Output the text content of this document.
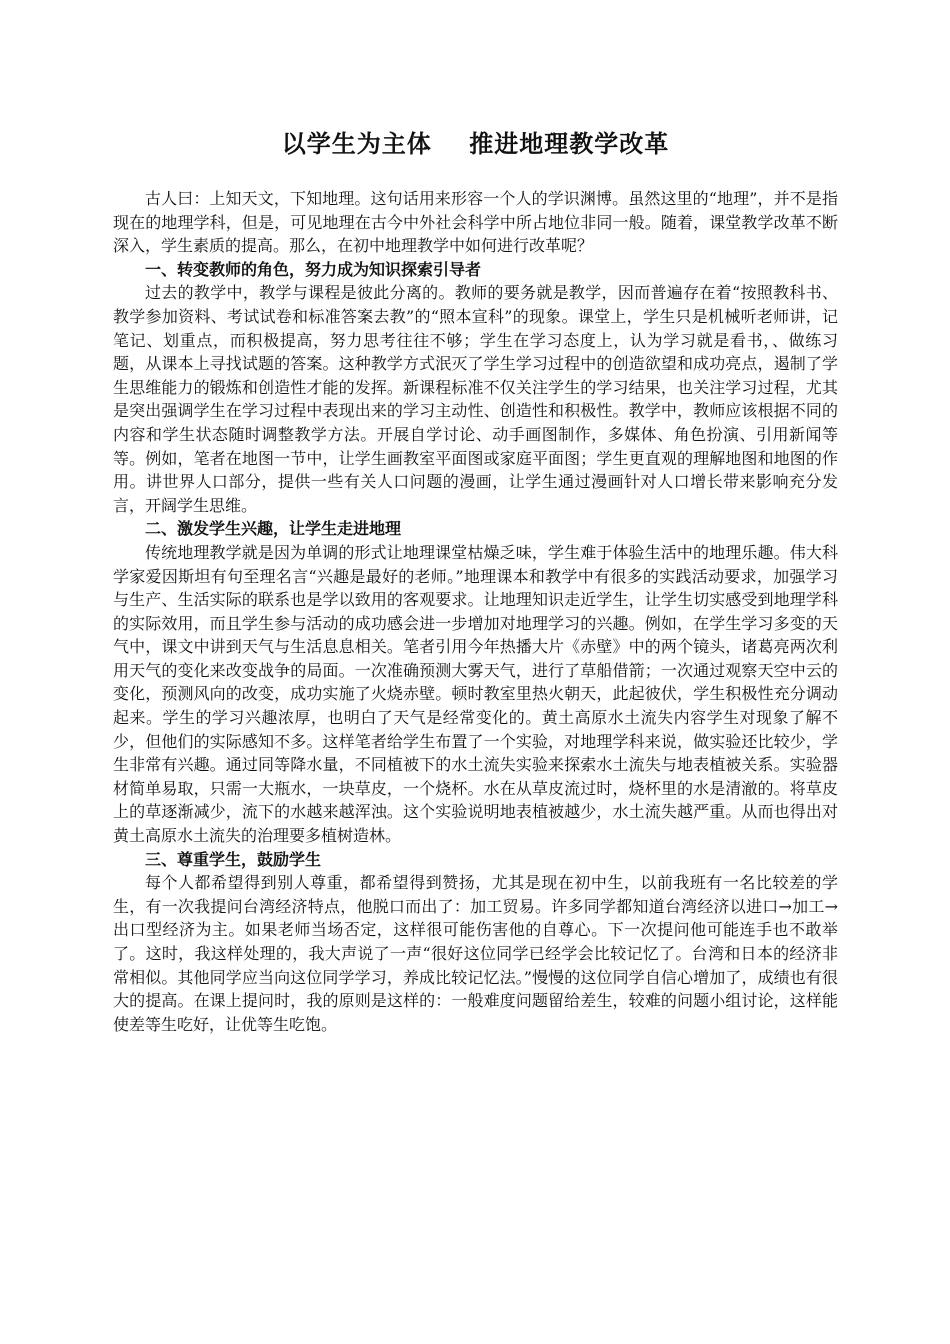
以学生为主体    推进地理教学改革

古人曰：上知天文，下知地理。这句话用来形容一个人的学识渊博。虽然这里的“地理”，并不是指现在的地理学科，但是，可见地理在古今中外社会科学中所占地位非同一般。随着，课堂教学改革不断深入，学生素质的提高。那么，在初中地理教学中如何进行改革呢？

一、转变教师的角色，努力成为知识探索引导者

过去的教学中，教学与课程是彼此分离的。教师的要务就是教学，因而普遍存在着“按照教科书、教学参加资料、考试试卷和标准答案去教”的“照本宣科”的现象。课堂上，学生只是机械听老师讲，记笔记、划重点，而积极提高，努力思考往往不够；学生在学习态度上，认为学习就是看书，、做练习题，从课本上寻找试题的答案。这种教学方式泯灭了学生学习过程中的创造欲望和成功亮点，遏制了学生思维能力的锻炼和创造性才能的发挥。新课程标准不仅关注学生的学习结果，也关注学习过程，尤其是突出强调学生在学习过程中表现出来的学习主动性、创造性和积极性。教学中，教师应该根据不同的内容和学生状态随时调整教学方法。开展自学讨论、动手画图制作，多媒体、角色扮演、引用新闻等等。例如，笔者在地图一节中，让学生画教室平面图或家庭平面图；学生更直观的理解地图和地图的作用。讲世界人口部分，提供一些有关人口问题的漫画，让学生通过漫画针对人口增长带来影响充分发言，开阔学生思维。

二、激发学生兴趣，让学生走进地理

传统地理教学就是因为单调的形式让地理课堂枯燥乏味，学生难于体验生活中的地理乐趣。伟大科学家爱因斯坦有句至理名言“兴趣是最好的老师。”地理课本和教学中有很多的实践活动要求，加强学习与生产、生活实际的联系也是学以致用的客观要求。让地理知识走近学生，让学生切实感受到地理学科的实际效用，而且学生参与活动的成功感会进一步增加对地理学习的兴趣。例如，在学生学习多变的天气中，课文中讲到天气与生活息息相关。笔者引用今年热播大片《赤壁》中的两个镜头，诸葛亮两次利用天气的变化来改变战争的局面。一次准确预测大雾天气，进行了草船借箭；一次通过观察天空中云的变化，预测风向的改变，成功实施了火烧赤壁。顿时教室里热火朝天，此起彼伏，学生积极性充分调动起来。学生的学习兴趣浓厚，也明白了天气是经常变化的。黄土高原水土流失内容学生对现象了解不少，但他们的实际感知不多。这样笔者给学生布置了一个实验，对地理学科来说，做实验还比较少，学生非常有兴趣。通过同等降水量，不同植被下的水土流失实验来探索水土流失与地表植被关系。实验器材简单易取，只需一大瓶水，一块草皮，一个烧杯。水在从草皮流过时，烧杯里的水是清澈的。将草皮上的草逐渐减少，流下的水越来越浑浊。这个实验说明地表植被越少，水土流失越严重。从而也得出对黄土高原水土流失的治理要多植树造林。

三、尊重学生，鼓励学生

每个人都希望得到别人尊重，都希望得到赞扬，尤其是现在初中生，以前我班有一名比较差的学生，有一次我提问台湾经济特点，他脱口而出了：加工贸易。许多同学都知道台湾经济以进口→加工→出口型经济为主。如果老师当场否定，这样很可能伤害他的自尊心。下一次提问他可能连手也不敢举了。这时，我这样处理的，我大声说了一声“很好这位同学已经学会比较记忆了。台湾和日本的经济非常相似。其他同学应当向这位同学学习，养成比较记忆法。”慢慢的这位同学自信心增加了，成绩也有很大的提高。在课上提问时，我的原则是这样的：一般难度问题留给差生，较难的问题小组讨论，这样能使差等生吃好，让优等生吃饱。
